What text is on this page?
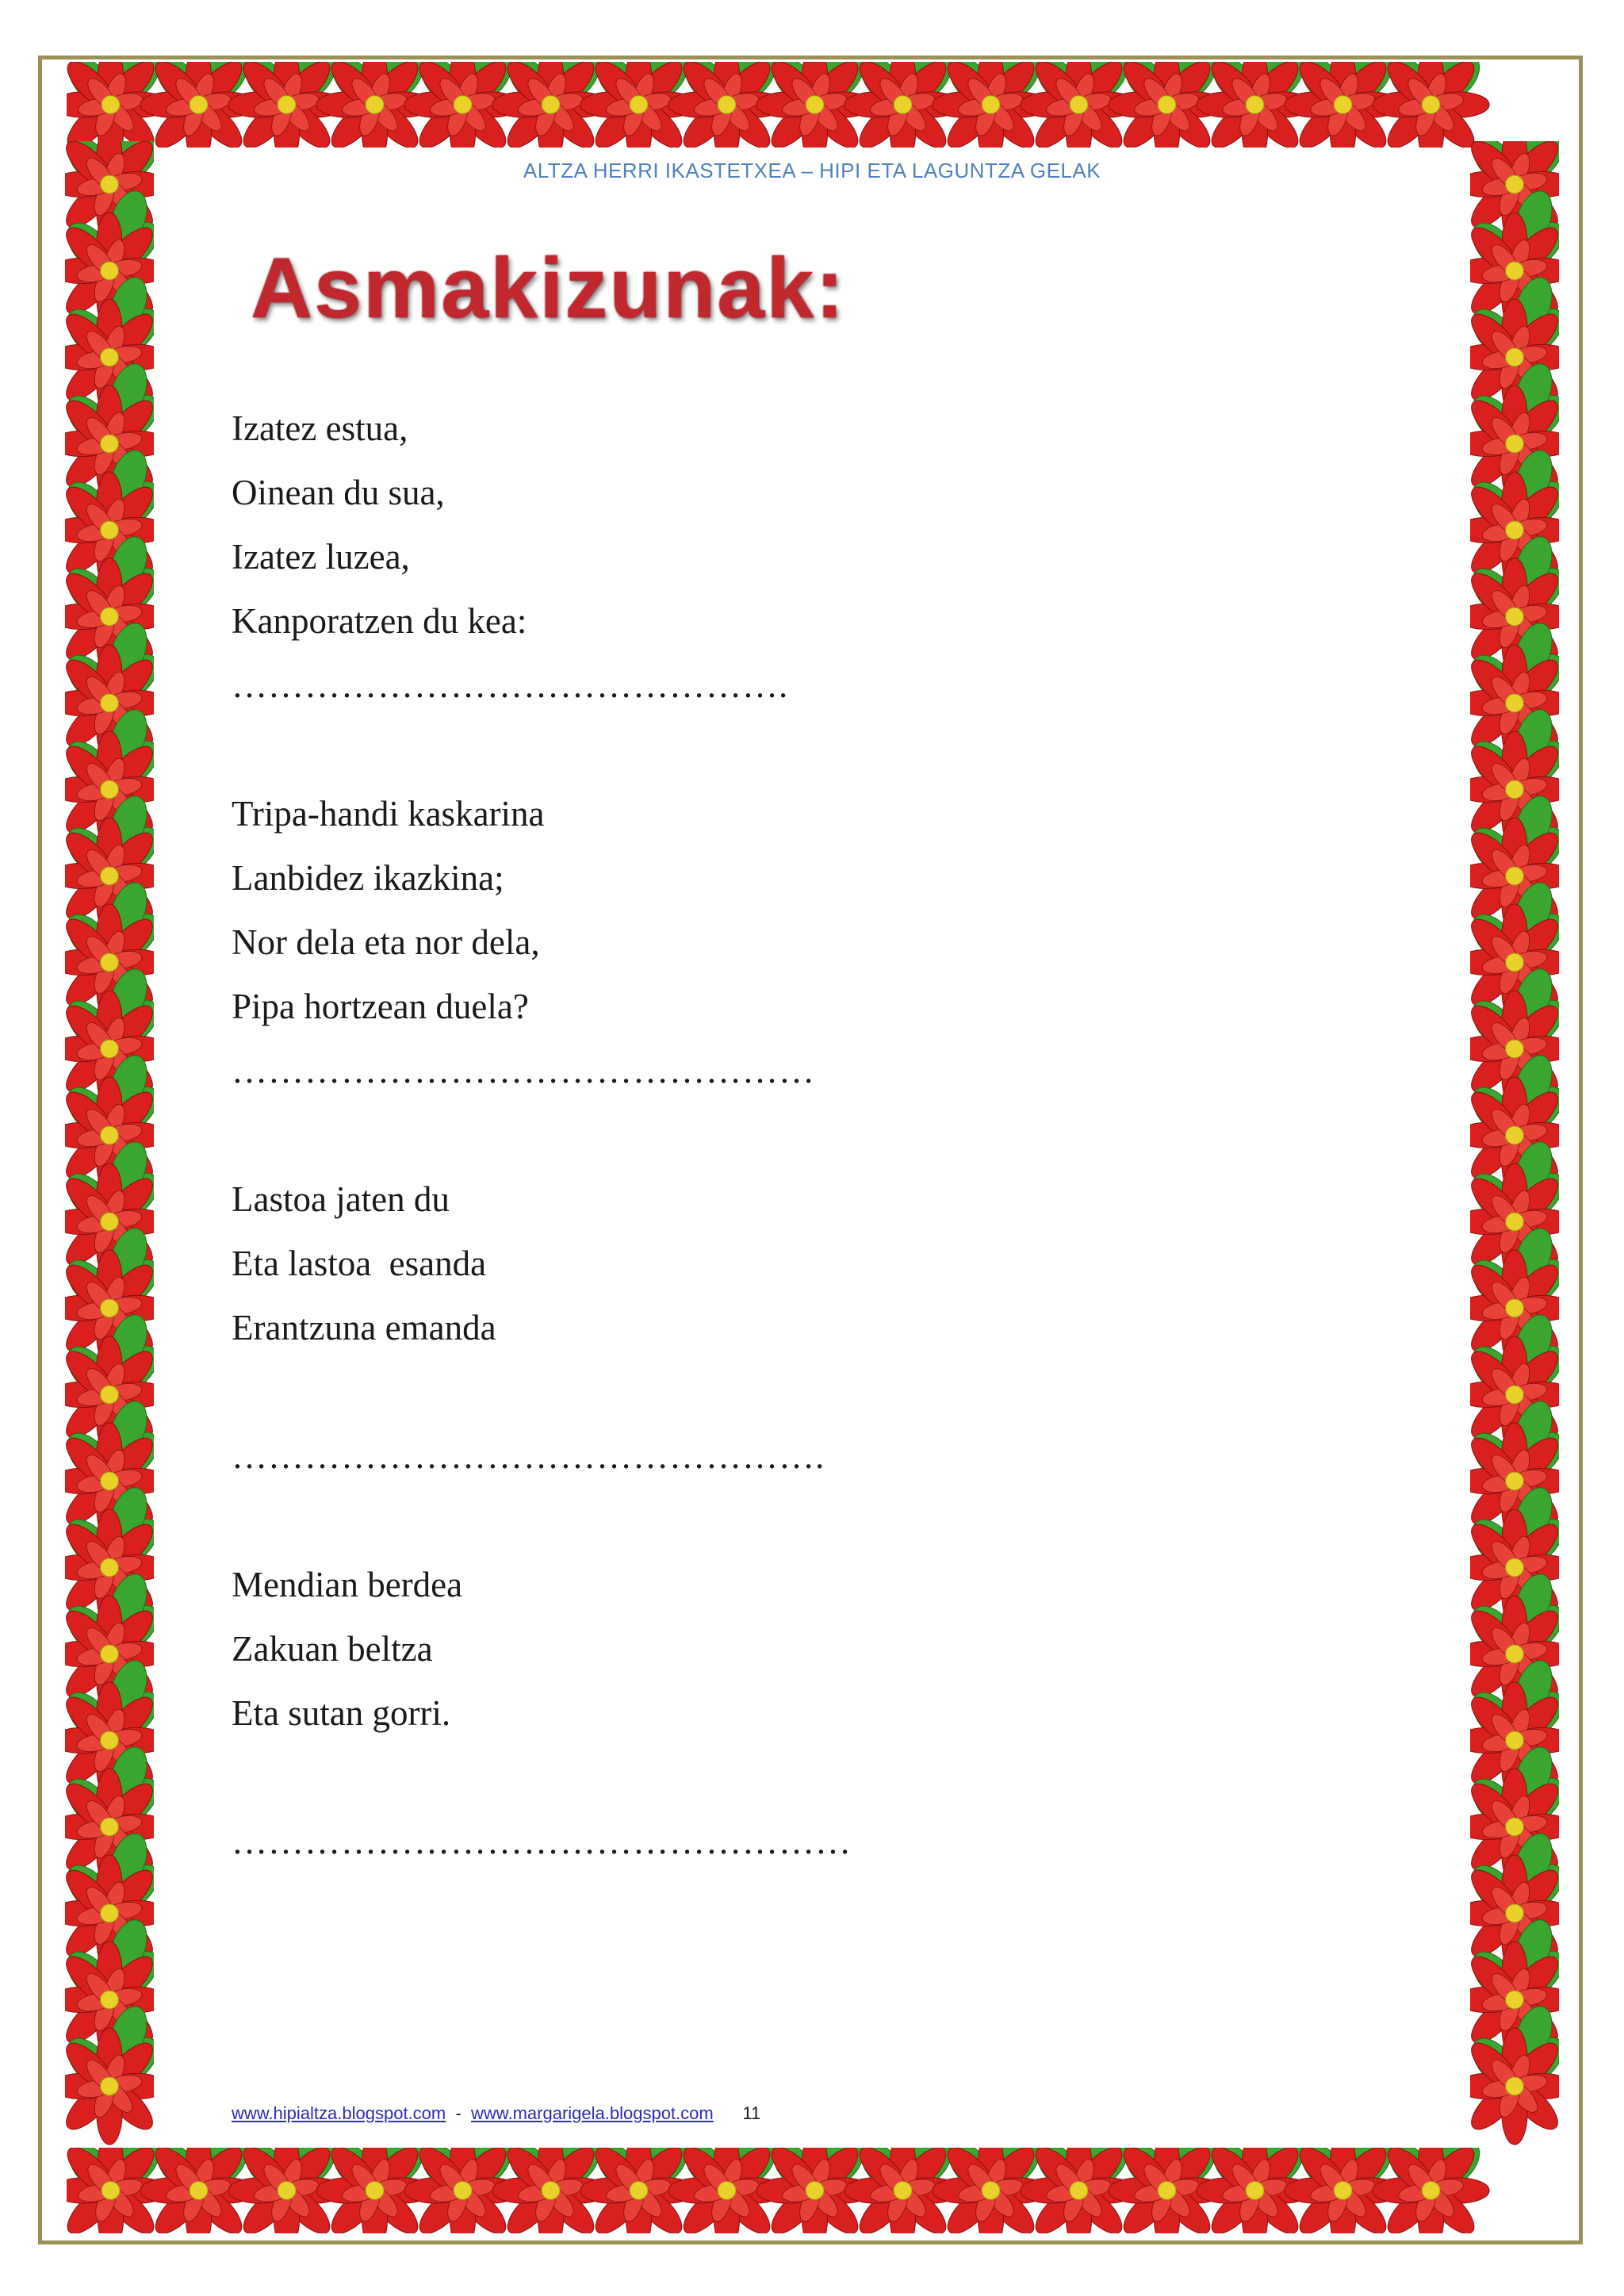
ALTZA HERRI IKASTETXEA – HIPI ETA LAGUNTZA GELAK
Asmakizunak:
Izatez estua,
Oinean du sua,
Izatez luzea,
Kanporatzen du kea:
……………………………………….
Tripa-handi kaskarina
Lanbidez ikazkina;
Nor dela eta nor dela,
Pipa hortzean duela?
…………………………………………
Lastoa jaten du
Eta lastoa  esanda
Erantzuna emanda
………………………………………….
Mendian berdea
Zakuan beltza
Eta sutan gorri.
……………………………………………
www.hipialtza.blogspot.com  -  www.margarigela.blogspot.com 11
